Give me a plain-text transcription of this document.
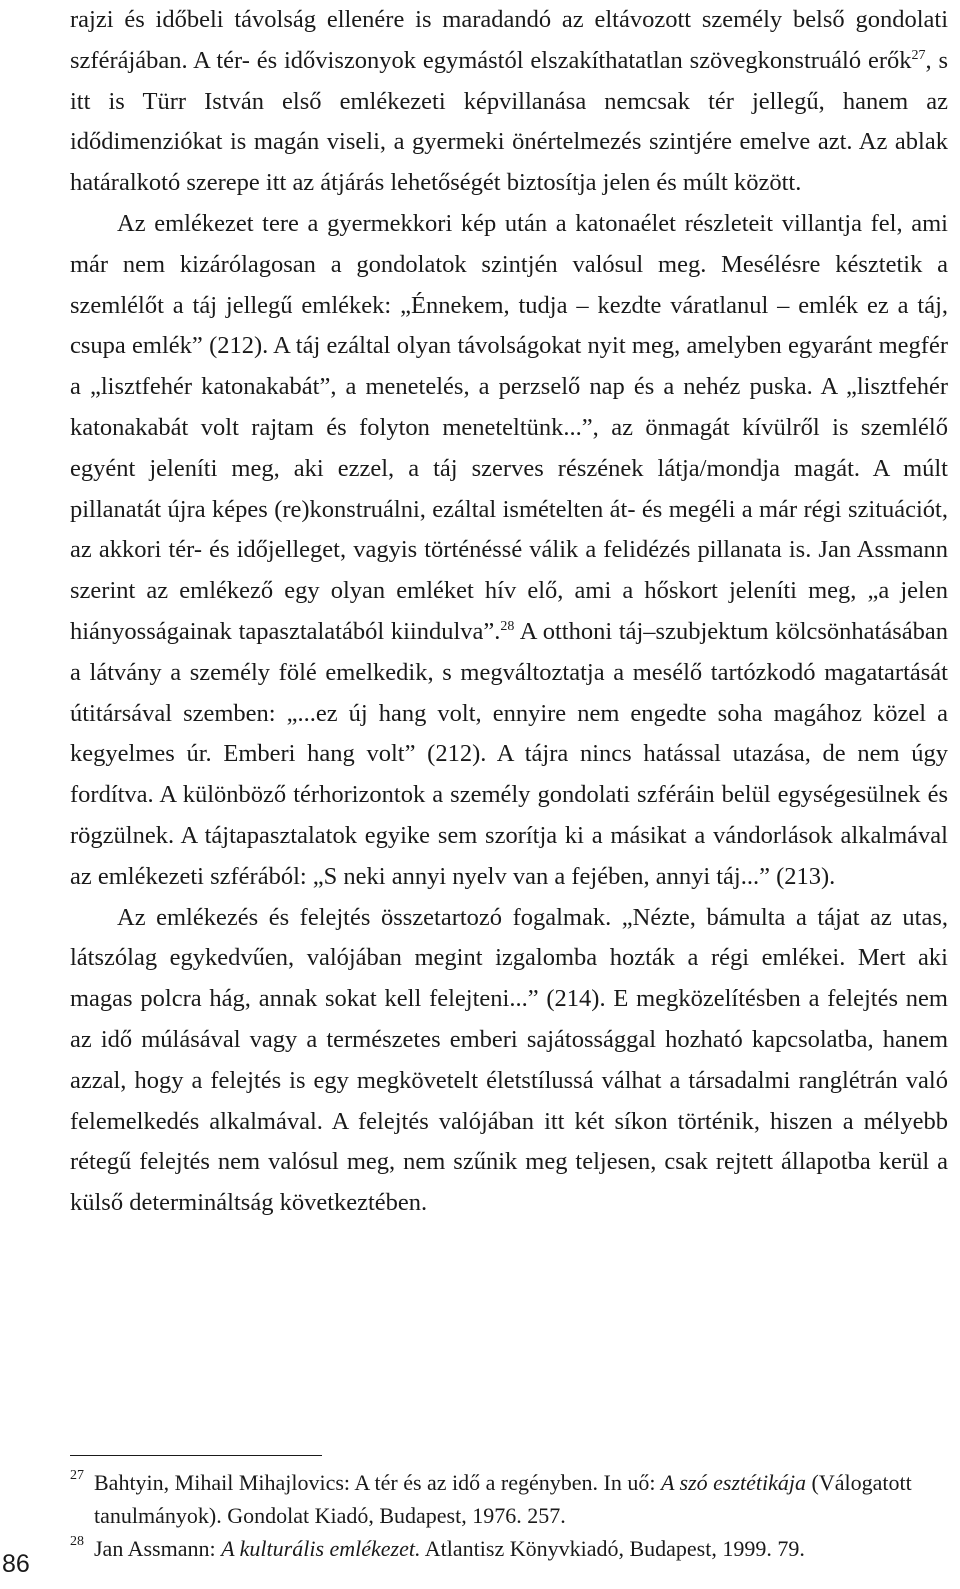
rajzi és időbeli távolság ellenére is maradandó az eltávozott személy belső gondolati szférájában. A tér- és időviszonyok egymástól elszakíthatatlan szövegkonstruáló erők$^{27}$, s itt is Türr István első emlékezeti képvillanása nemcsak tér jellegű, hanem az idődimenziókat is magán viseli, a gyermeki önértelmezés szintjére emelve azt. Az ablak határalkotó szerepe itt az átjárás lehetőségét biztosítja jelen és múlt között.

Az emlékezet tere a gyermekkori kép után a katonaélet részleteit villantja fel, ami már nem kizárólagosan a gondolatok szintjén valósul meg. Mesélésre késztetik a szemlélőt a táj jellegű emlékek: „Énnekem, tudja – kezdte váratlanul – emlék ez a táj, csupa emlék” (212). A táj ezáltal olyan távolságokat nyit meg, amelyben egyaránt megfér a „lisztfehér katonakabát”, a menetelés, a perzselő nap és a nehéz puska. A „lisztfehér katonakabát volt rajtam és folyton meneteltünk...”, az önmagát kívülről is szemlélő egyént jeleníti meg, aki ezzel, a táj szerves részének látja/mondja magát. A múlt pillanatát újra képes (re)konstruálni, ezáltal ismételten át- és megéli a már régi szituációt, az akkori tér- és időjelleget, vagyis történéssé válik a felidézés pillanata is. Jan Assmann szerint az emlékező egy olyan emléket hív elő, ami a hőskort jeleníti meg, „a jelen hiányosságainak tapasztalatából kiindulva”.$^{28}$ A otthoni táj–szubjektum kölcsönhatásában a látvány a személy fölé emelkedik, s megváltoztatja a mesélő tartózkodó magatartását útitársával szemben: „...ez új hang volt, ennyire nem engedte soha magához közel a kegyelmes úr. Emberi hang volt” (212). A tájra nincs hatással utazása, de nem úgy fordítva. A különböző térhorizontok a személy gondolati szféráin belül egységesülnek és rögzülnek. A tájtapasztalatok egyike sem szorítja ki a másikat a vándorlások alkalmával az emlékezeti szférából: „S neki annyi nyelv van a fejében, annyi táj...” (213).

Az emlékezés és felejtés összetartozó fogalmak. „Nézte, bámulta a tájat az utas, látszólag egykedvűen, valójában megint izgalomba hozták a régi emlékei. Mert aki magas polcra hág, annak sokat kell felejteni...” (214). E megközelítésben a felejtés nem az idő múlásával vagy a természetes emberi sajátossággal hozható kapcsolatba, hanem azzal, hogy a felejtés is egy megkövetelt életstílussá válhat a társadalmi ranglétrán való felemelkedés alkalmával. A felejtés valójában itt két síkon történik, hiszen a mélyebb rétegű felejtés nem valósul meg, nem szűnik meg teljesen, csak rejtett állapotba kerül a külső determináltság következtében.

27 Bahtyin, Mihail Mihajlovics: A tér és az idő a regényben. In uő: A szó esztétikája (Válogatott tanulmányok). Gondolat Kiadó, Budapest, 1976. 257.
28 Jan Assmann: A kulturális emlékezet. Atlantisz Könyvkiadó, Budapest, 1999. 79.
86
